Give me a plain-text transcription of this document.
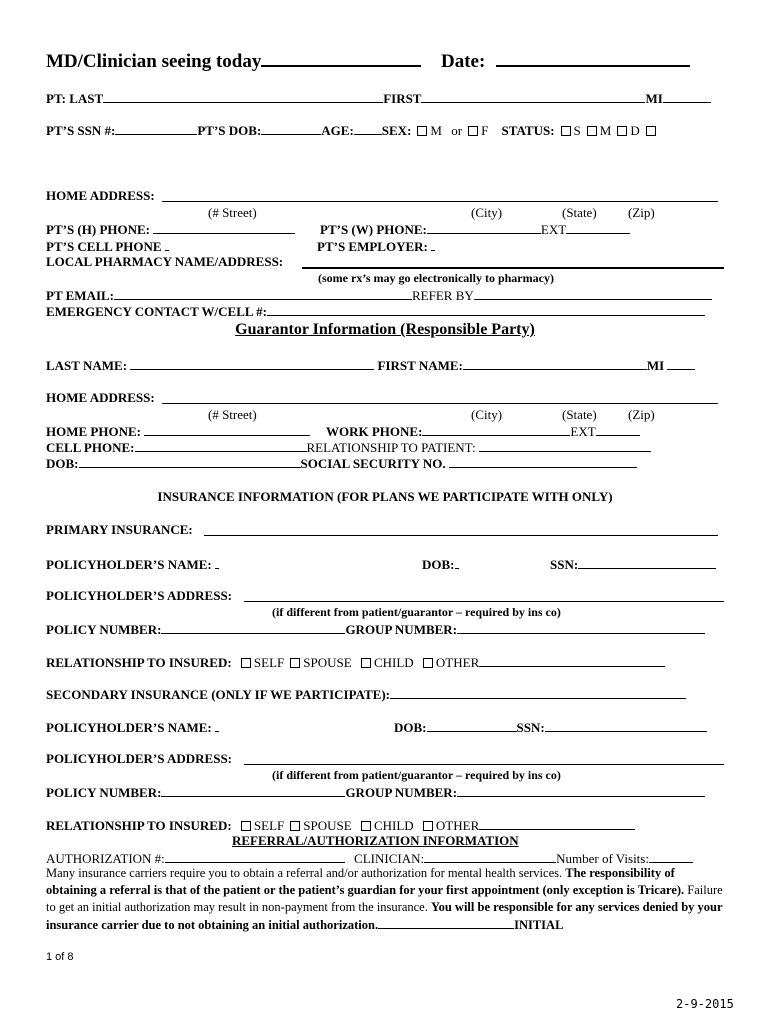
MD/Clinician seeing today	Date:
PT: LAST	FIRST	MI
PT’S SSN #:	PT’S DOB:	AGE: SEX: M or F STATUS: S M D
HOME ADDRESS:
(# Street)	(City)	(State) (Zip)
PT’S (H) PHONE:	PT’S (W) PHONE:	EXT
PT’S CELL PHONE	PT’S EMPLOYER:
LOCAL PHARMACY NAME/ADDRESS:
(some rx’s may go electronically to pharmacy)
PT EMAIL:	REFER BY
EMERGENCY CONTACT W/CELL #:
Guarantor Information (Responsible Party)
LAST NAME:	FIRST NAME:	MI
HOME ADDRESS:
(# Street)	(City)	(State) (Zip)
HOME PHONE:	WORK PHONE:	EXT
CELL PHONE:	RELATIONSHIP TO PATIENT:
DOB:	SOCIAL SECURITY NO.
INSURANCE INFORMATION (FOR PLANS WE PARTICIPATE WITH ONLY)
PRIMARY INSURANCE:
POLICYHOLDER’S NAME:	DOB:	SSN:
POLICYHOLDER’S ADDRESS:
(if different from patient/guarantor – required by ins co)
POLICY NUMBER:	GROUP NUMBER:
RELATIONSHIP TO INSURED: SELF SPOUSE CHILD OTHER
SECONDARY INSURANCE (ONLY IF WE PARTICIPATE):
POLICYHOLDER’S NAME:	DOB:	SSN:
POLICYHOLDER’S ADDRESS:
(if different from patient/guarantor – required by ins co)
POLICY NUMBER:	GROUP NUMBER:
RELATIONSHIP TO INSURED: SELF SPOUSE CHILD OTHER
REFERRAL/AUTHORIZATION INFORMATION
AUTHORIZATION #:	CLINICIAN:	Number of Visits:
Many insurance carriers require you to obtain a referral and/or authorization for mental health services. The responsibility of obtaining a referral is that of the patient or the patient’s guardian for your first appointment (only exception is Tricare). Failure to get an initial authorization may result in non-payment from the insurance. You will be responsible for any services denied by your insurance carrier due to not obtaining an initial authorization.	INITIAL
1 of 8
2-9-2015
